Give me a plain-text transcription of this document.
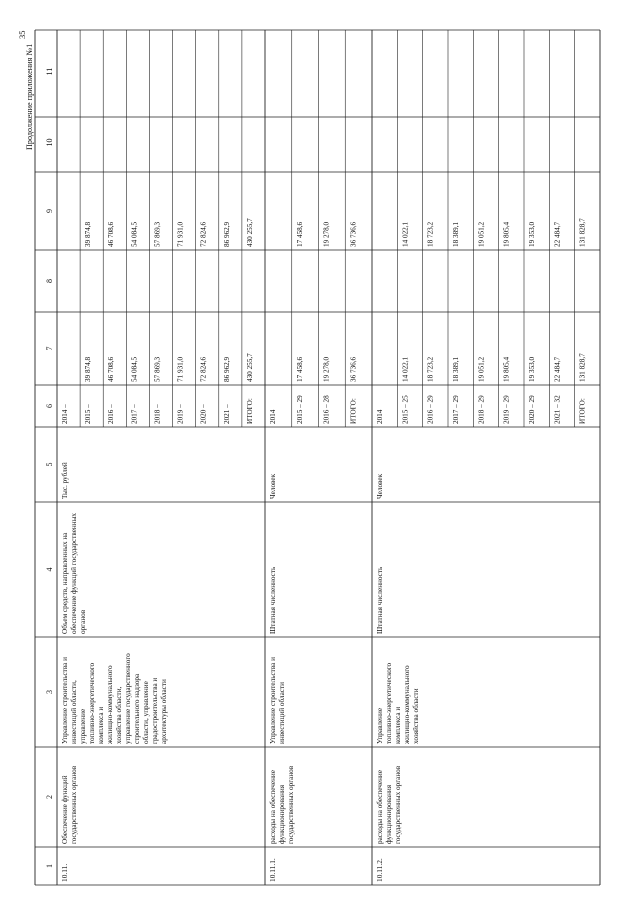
35
Продолжение приложения №1
1
2
3
4
5
6
7
8
9
10
11
10.11.
Обеспечение функцийгосударственных органов
Управление строительства иинвестиций области,управлениетопливно-энергетическогокомплекса ижилищно-коммунальногохозяйства области,управление государственногостроительного надзораобласти, управлениеградостроительства иархитектуры области
Объем средств, направленных наобеспечение функций государственныхорганов
Тыс. рублей
2014 – 2015 –
39 874,8
39 874,8
2016 –
46 708,6
46 708,6
2017 –
54 084,5
54 084,5
2018 –
57 869,3
57 869,3
2019 –
71 931,0
71 931,0
2020 –
72 824,6
72 824,6
2021 –
86 962,9
86 962,9
ИТОГО:
430 255,7
430 255,7
10.11.1.
расходы на обеспечениефункционированиягосударственных органов
Управление строительства иинвестиций области
Штатная численность
Человек
2014	2015 – 29
17 458,6
17 458,6
2016 – 28
19 278,0
19 278,0
ИТОГО:
36 736,6
36 736,6
10.11.2.
расходы на обеспечениефункционированиягосударственных органов
Управлениетопливно-энергетическогокомплекса ижилищно-коммунальногохозяйства области
Штатная численность
Человек
2014 2015 – 25
14 022,1
14 022,1
2016 – 29
18 723,2
18 723,2
2017 – 29
18 389,1
18 389,1
2018 – 29
19 051,2
19 051,2
2019 – 29
19 805,4
19 805,4
2020 – 29
19 353,0
19 353,0
2021 – 32
22 484,7
22 484,7
ИТОГО:
131 828,7
131 828,7
